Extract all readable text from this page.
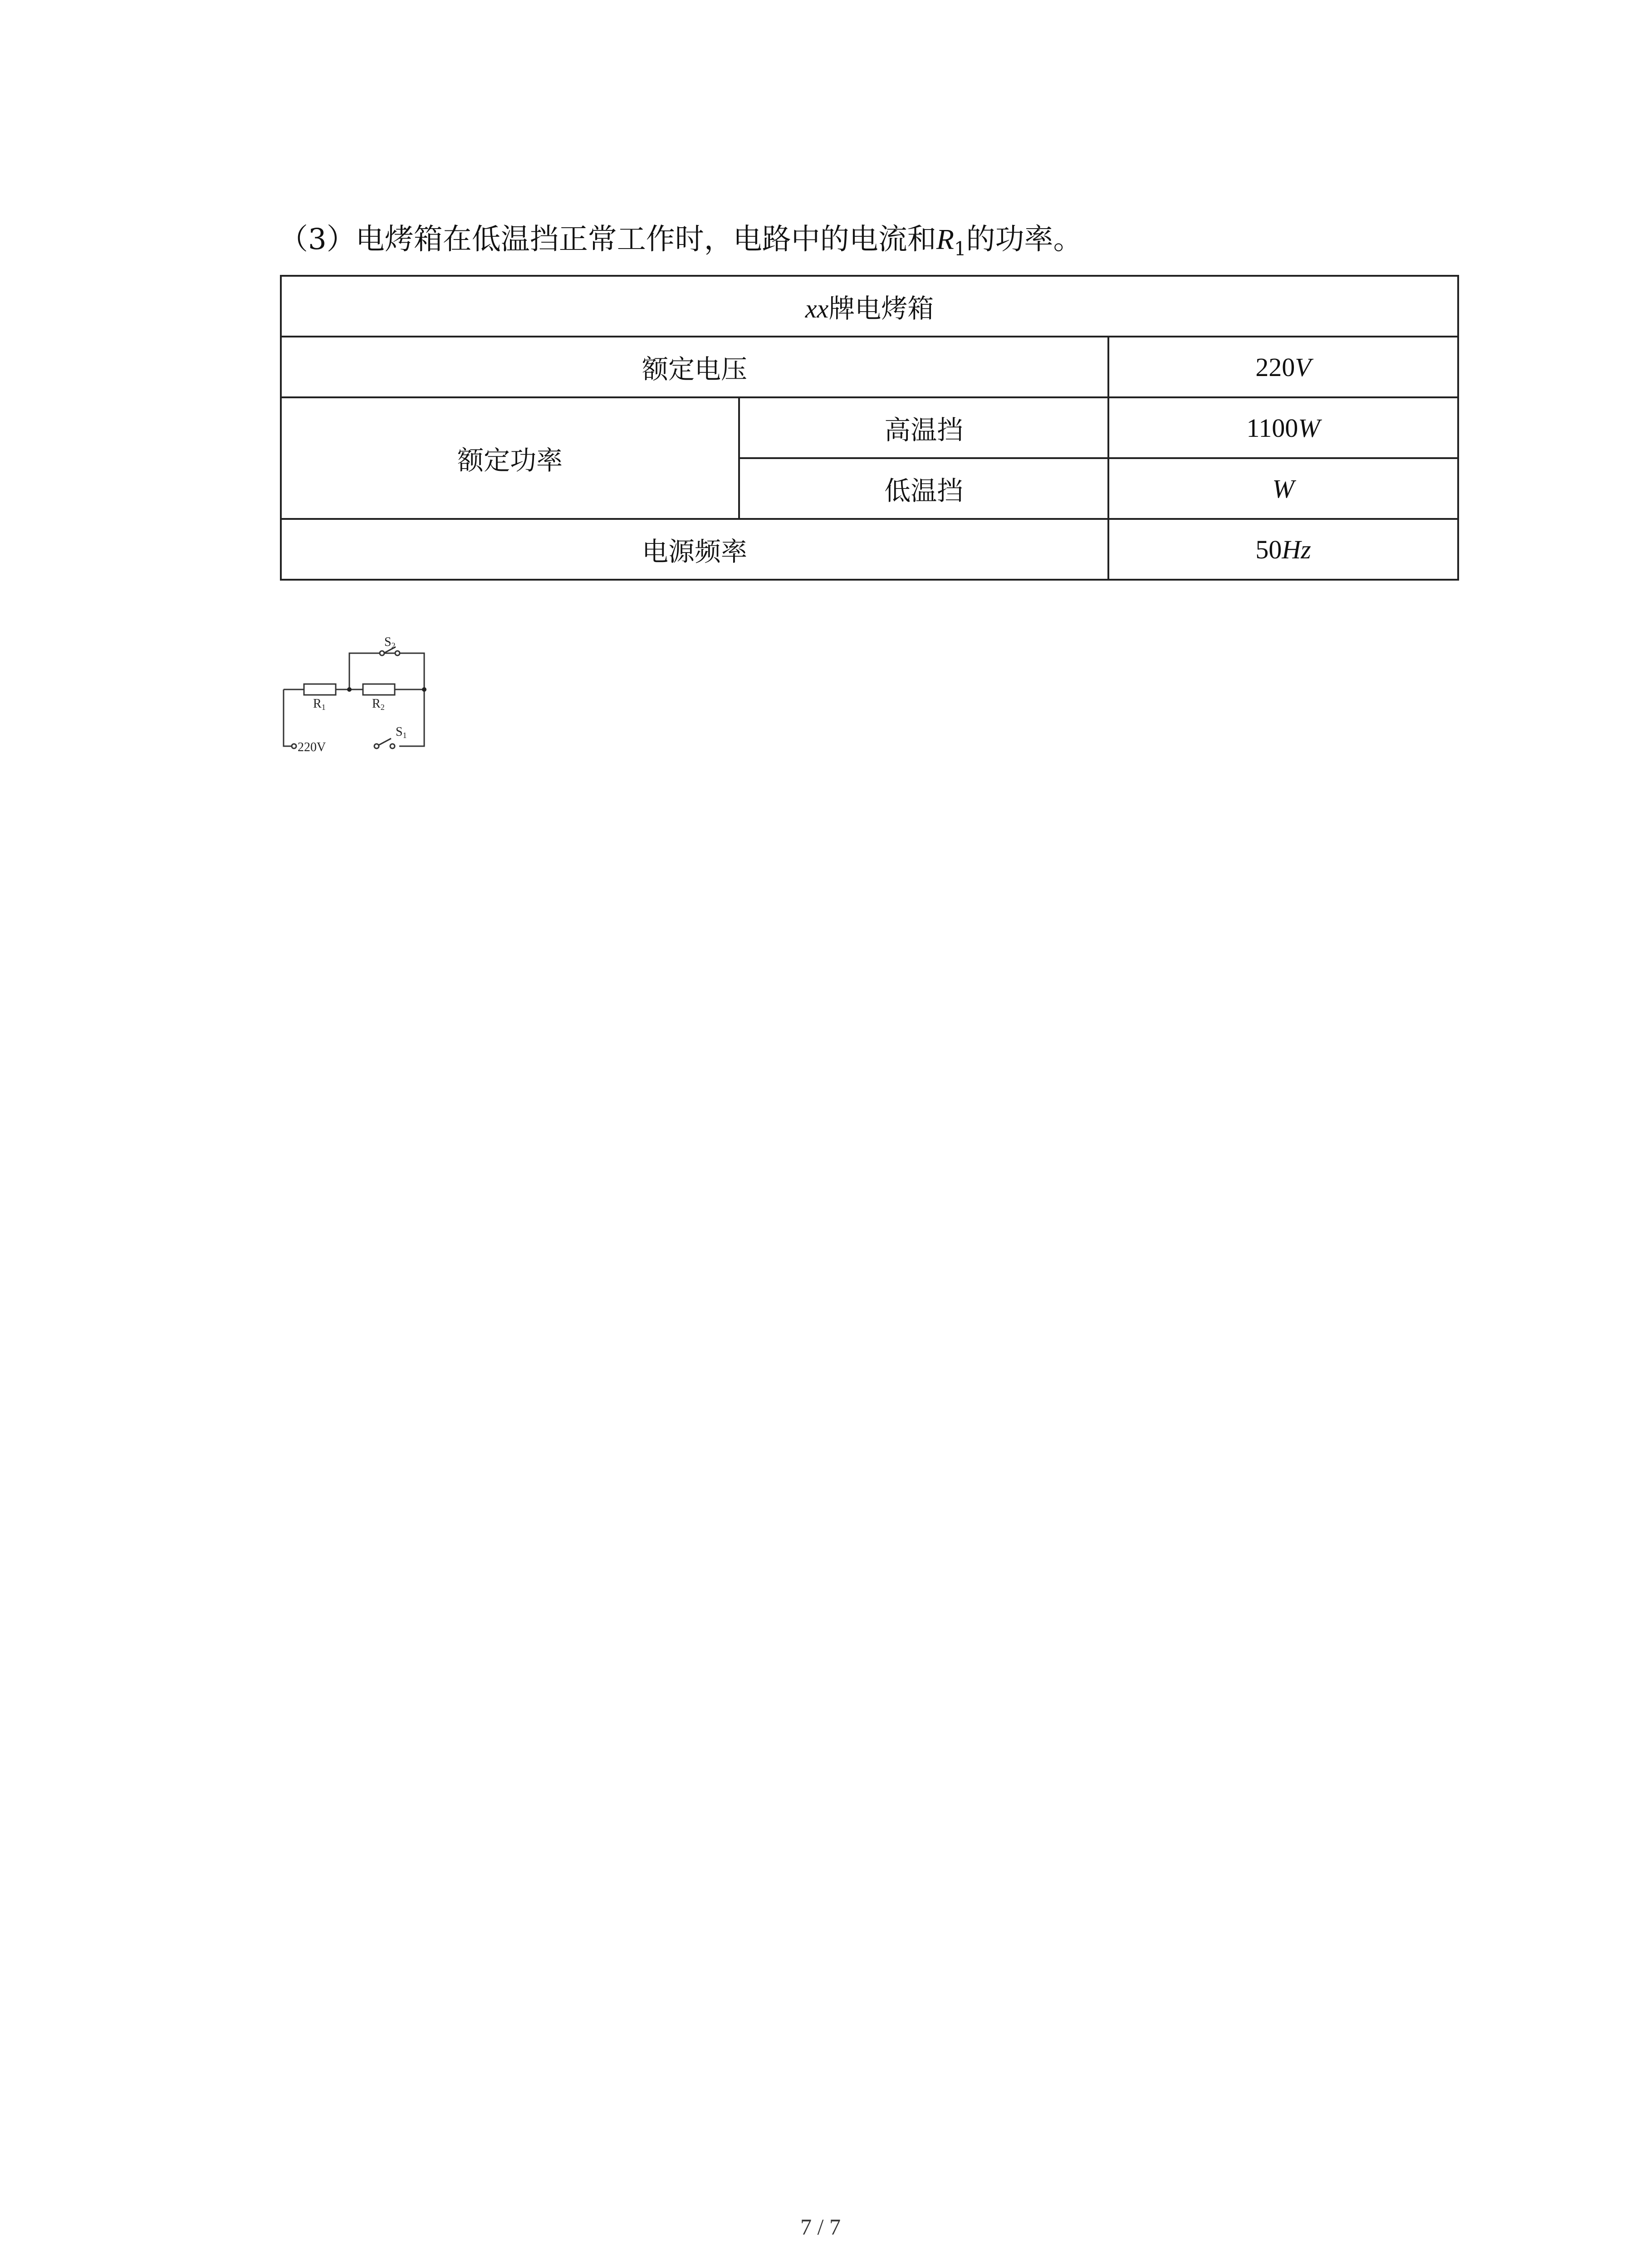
（3）电烤箱在低温挡正常工作时，电路中的电流和$R_1$的功率。
xx牌电烤箱		
额定电压		220V
额定功率	高温挡	1100W
	低温挡	W
电源频率		50Hz
R1	R2
S2
S1
220V
7 / 7
